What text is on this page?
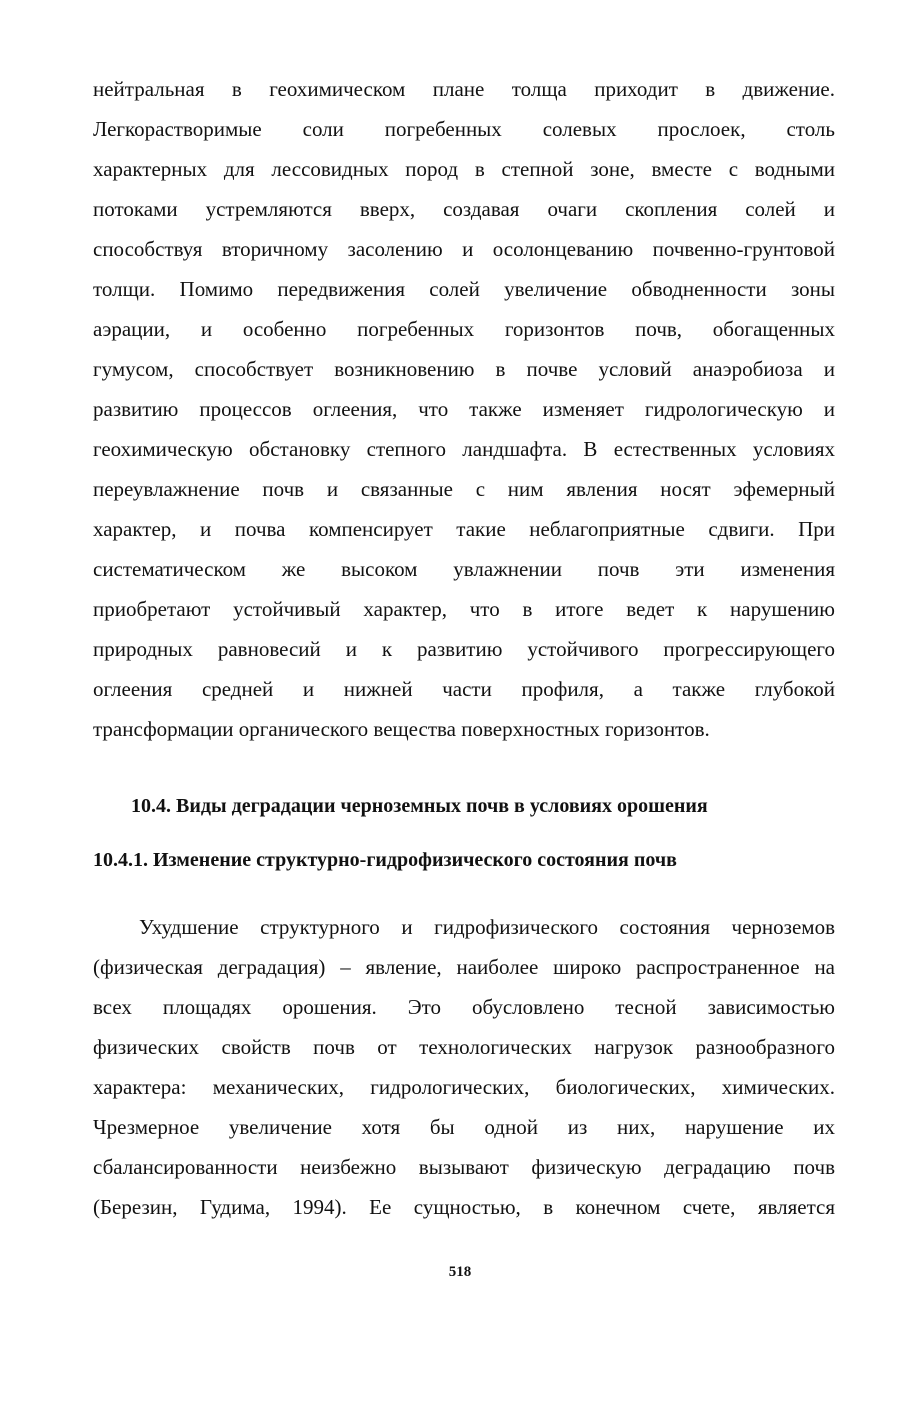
нейтральная в геохимическом плане толща приходит в движение.
Легкорастворимые соли погребенных солевых прослоек, столь
характерных для лессовидных пород в степной зоне, вместе с водными
потоками устремляются вверх, создавая очаги скопления солей и
способствуя вторичному засолению и осолонцеванию почвенно-грунтовой
толщи. Помимо передвижения солей увеличение обводненности зоны
аэрации, и особенно погребенных горизонтов почв, обогащенных
гумусом, способствует возникновению в почве условий анаэробиоза и
развитию процессов оглеения, что также изменяет гидрологическую и
геохимическую обстановку степного ландшафта. В естественных условиях
переувлажнение почв и связанные с ним явления носят эфемерный
характер, и почва компенсирует такие неблагоприятные сдвиги. При
систематическом же высоком увлажнении почв эти изменения
приобретают устойчивый характер, что в итоге ведет к нарушению
природных равновесий и к развитию устойчивого прогрессирующего
оглеения средней и нижней части профиля, а также глубокой
трансформации органического вещества поверхностных горизонтов.
10.4. Виды деградации черноземных почв в условиях орошения
10.4.1. Изменение структурно-гидрофизического состояния почв
Ухудшение структурного и гидрофизического состояния черноземов
(физическая деградация) – явление, наиболее широко распространенное на
всех площадях орошения. Это обусловлено тесной зависимостью
физических свойств почв от технологических нагрузок разнообразного
характера: механических, гидрологических, биологических, химических.
Чрезмерное увеличение хотя бы одной из них, нарушение их
сбалансированности неизбежно вызывают физическую деградацию почв
(Березин, Гудима, 1994). Ее сущностью, в конечном счете, является
518
